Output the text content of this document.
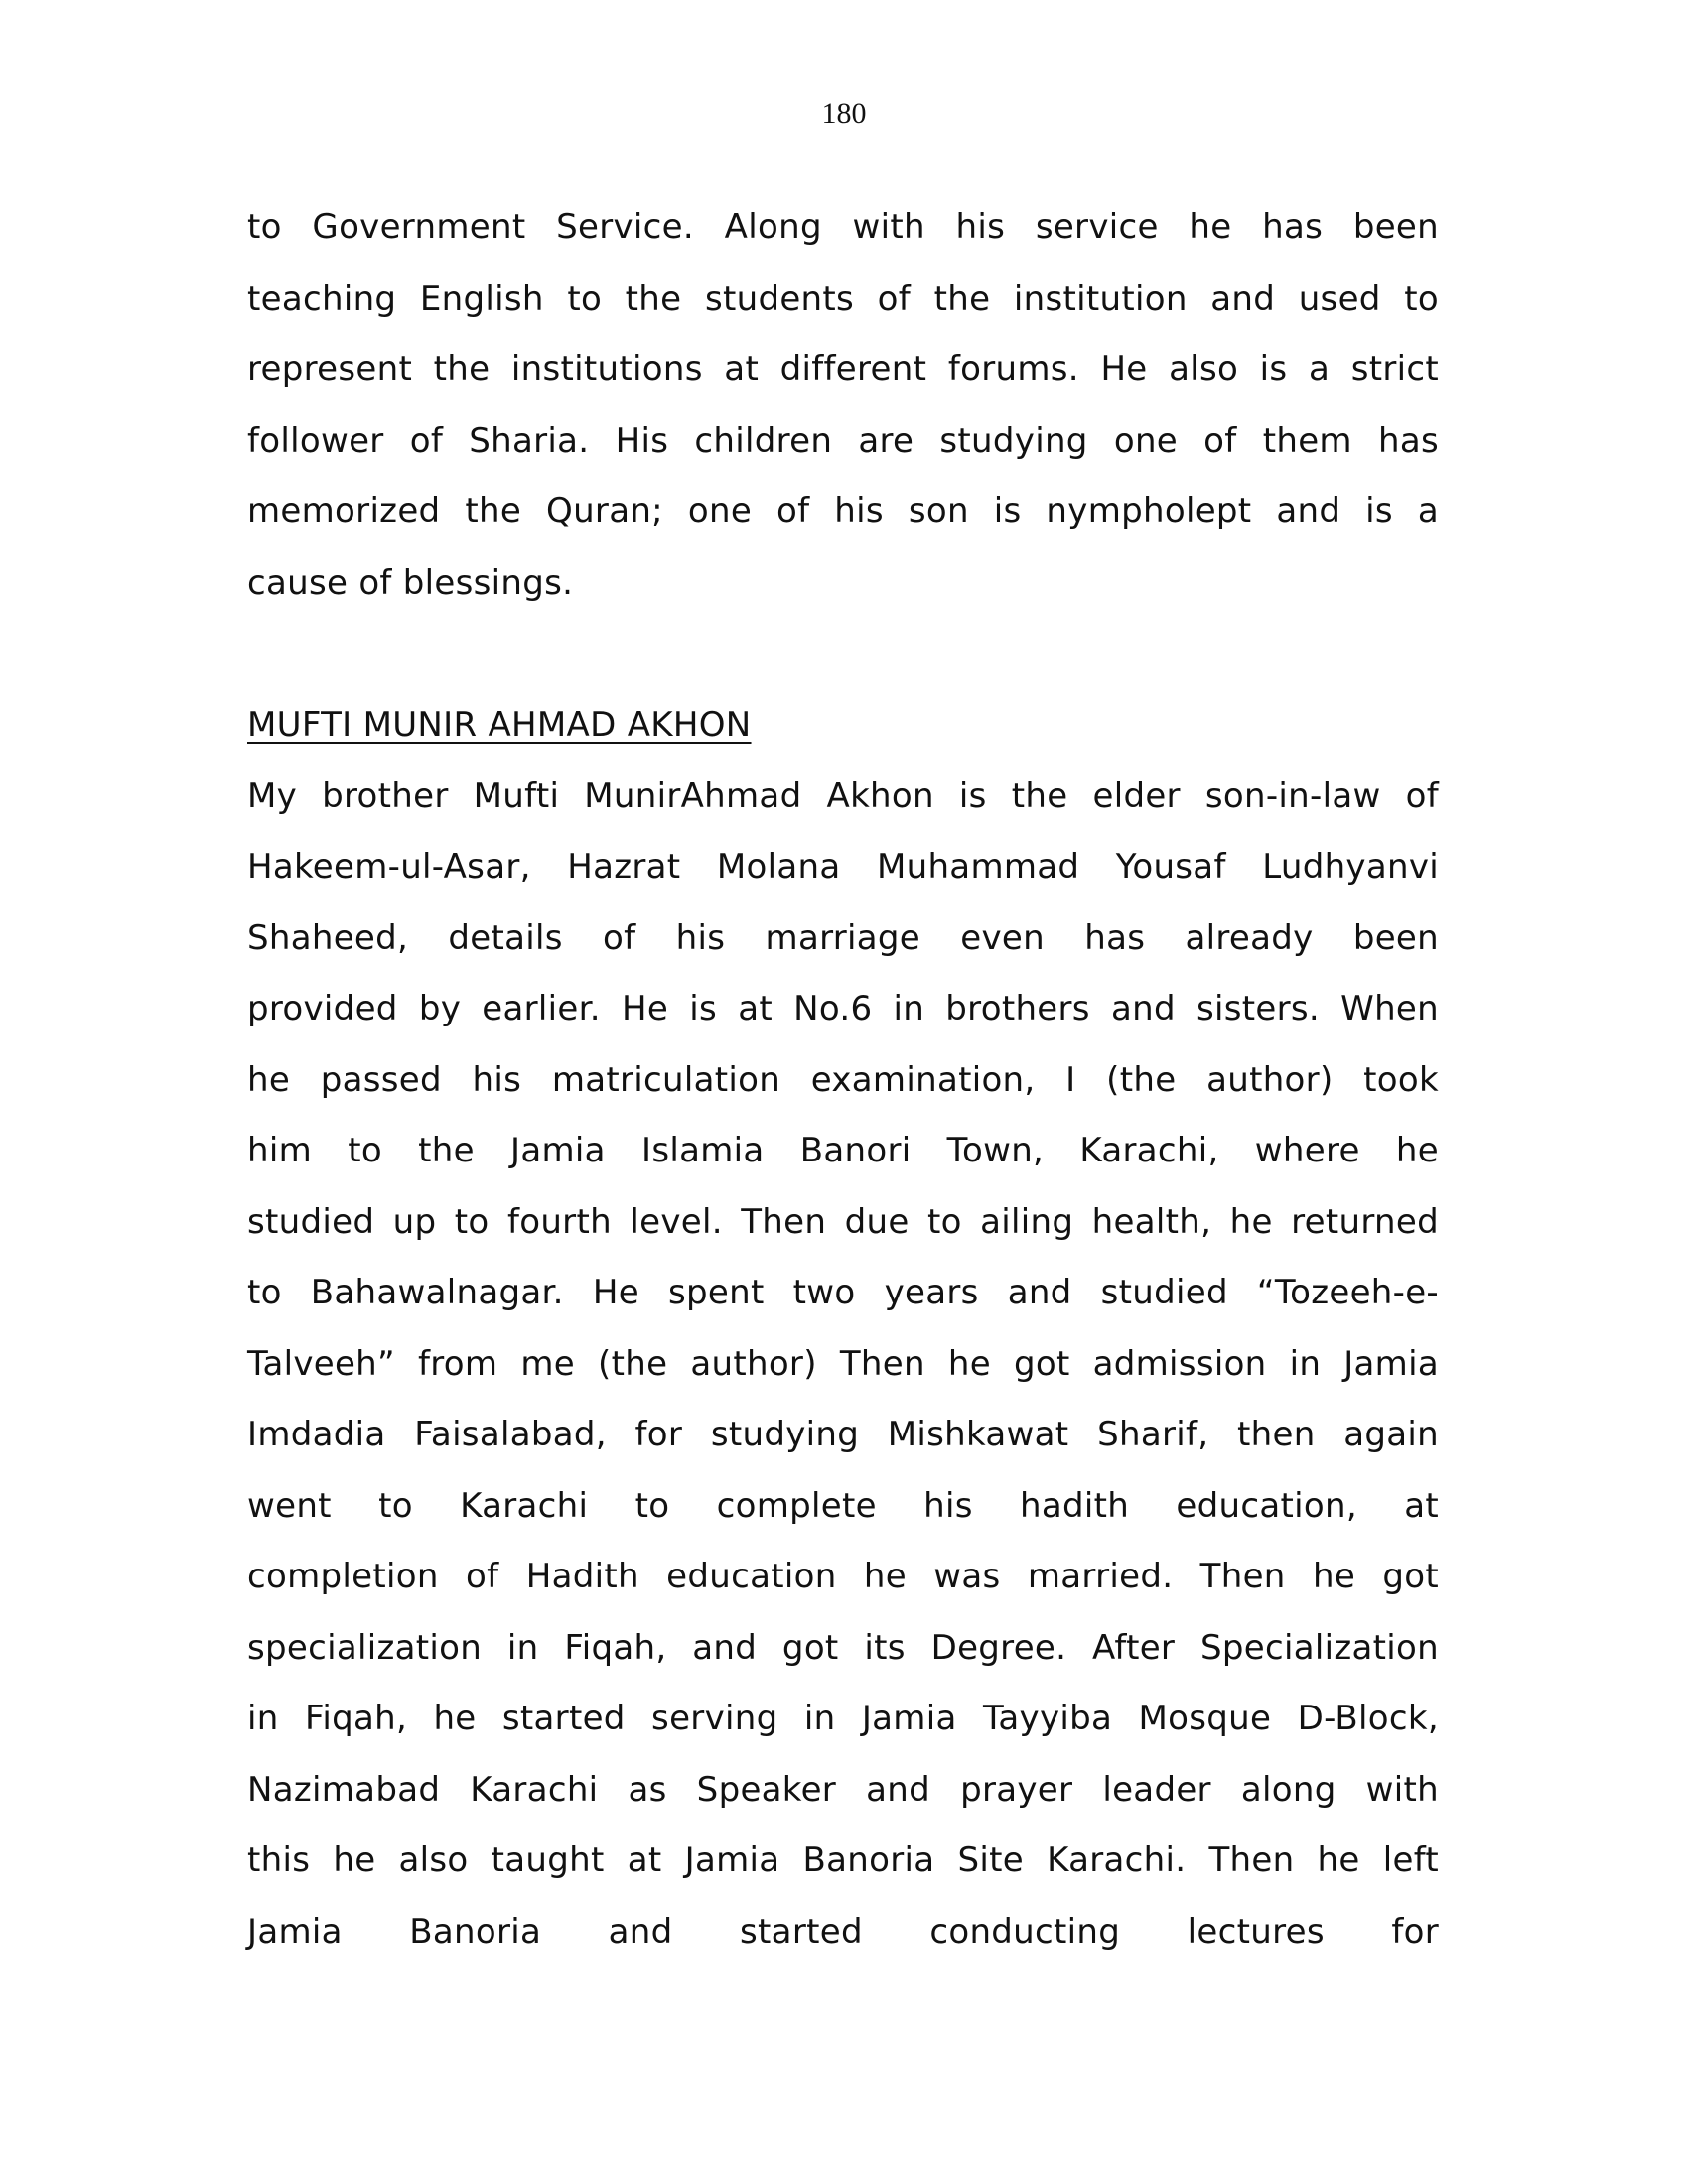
180
to Government Service. Along with his service he has been
teaching English to the students of the institution and used to
represent the institutions at different forums. He also is a strict
follower of Sharia. His children are studying one of them has
memorized the Quran; one of his son is nympholept and is a
cause of blessings.
MUFTI MUNIR AHMAD AKHON
My brother Mufti MunirAhmad Akhon is the elder son-in-law of
Hakeem-ul-Asar, Hazrat Molana Muhammad Yousaf Ludhyanvi
Shaheed, details of his marriage even has already been
provided by earlier. He is at No.6 in brothers and sisters. When
he passed his matriculation examination, I (the author) took
him to the Jamia Islamia Banori Town, Karachi, where he
studied up to fourth level. Then due to ailing health, he returned
to Bahawalnagar. He spent two years and studied “Tozeeh-e-
Talveeh” from me (the author) Then he got admission in Jamia
Imdadia Faisalabad, for studying Mishkawat Sharif, then again
went to Karachi to complete his hadith education, at
completion of Hadith education he was married. Then he got
specialization in Fiqah, and got its Degree. After Specialization
in Fiqah, he started serving in Jamia Tayyiba Mosque D-Block,
Nazimabad Karachi as Speaker and prayer leader along with
this he also taught at Jamia Banoria Site Karachi. Then he left
Jamia Banoria and started conducting lectures for
